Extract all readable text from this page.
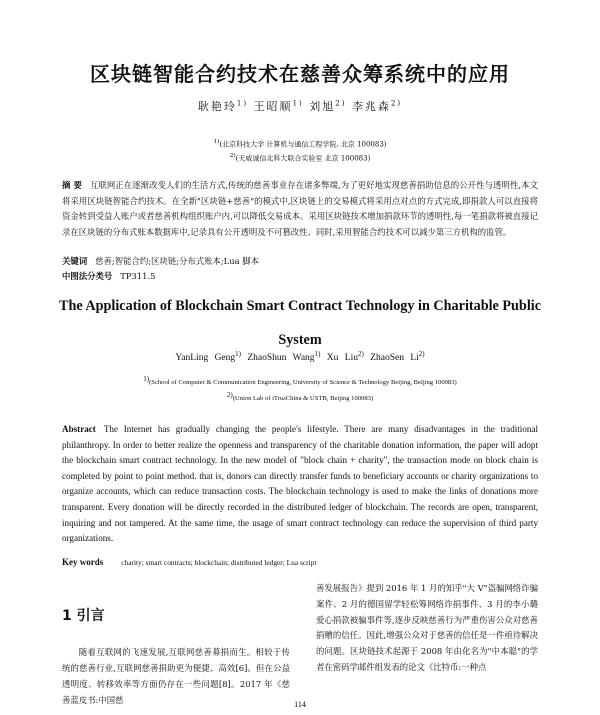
区块链智能合约技术在慈善众筹系统中的应用
耿艳玲$^{1)}$ 王昭顺$^{1)}$ 刘旭$^{2)}$ 李兆森$^{2)}$
$^{1)}$(北京科技大学 计算机与通信工程学院, 北京 100083)
$^{2)}$(天威诚信北科大联合实验室 北京 100083)
摘 要 互联网正在逐渐改变人们的生活方式,传统的慈善事业存在诸多弊端,为了更好地实现慈善捐助信息的公开性与透明性,本文将采用区块链智能合约技术。在全新"区块链+慈善"的模式中,区块链上的交易模式将采用点对点的方式完成,即捐款人可以直接将资金转到受益人账户或者慈善机构组织账户内,可以降低交易成本。采用区块链技术增加捐款环节的透明性,每一笔捐款将被直接记录在区块链的分布式账本数据库中,记录具有公开透明及不可篡改性、同时,采用智能合约技术可以减少第三方机构的监管。
关键词 慈善;智能合约;区块链;分布式账本;Lua 脚本
中图法分类号 TP311.5
The Application of Blockchain Smart Contract Technology in Charitable Public System
YanLing Geng$^{1)}$ ZhaoShun Wang$^{1)}$ Xu Liu$^{2)}$ ZhaoSen Li$^{2)}$
$^{1)}$(School of Computer & Communication Engineering, University of Science & Technology Beijing, Beijing 100083)
$^{2)}$(Union Lab of iTrusChina & USTB, Beijing 100083)
Abstract The Internet has gradually changing the people's lifestyle. There are many disadvantages in the traditional philanthropy. In order to better realize the openness and transparency of the charitable donation information, the paper will adopt the blockchain smart contract technology. In the new model of "block chain + charity", the transaction mode on block chain is completed by point to point method. that is, donors can directly transfer funds to beneficiary accounts or charity organizations to organize accounts, which can reduce transaction costs. The blockchain technology is used to make the links of donations more transparent. Every donation will be directly recorded in the distributed ledger of blockchain. The records are open, transparent, inquiring and not tampered. At the same time, the usage of smart contract technology can reduce the supervision of third party organizations.
Key words charity; smart contracts; blockchain; distributed ledger; Lua script
1 引言
随着互联网的飞速发展,互联网慈善募捐而生。相较于传统的慈善行业,互联网慈善捐助更为便捷、高效[6]。但在公益透明度、转移效率等方面仍存在一些问题[8]。2017 年《慈善蓝皮书:中国慈
善发展报告》提到 2016 年 1 月的知乎"大 V"盗骗网络诈骗案件、2 月的德国留学轻松筹网络诈捐事件、3 月的李小璐爱心捐款被骗事件等,逐步反映慈善行为严重伤害公众对慈善捐赠的信任。因此,增强公众对于慈善的信任是一件亟待解决的问题。区块链技术起源于 2008 年由化名为"中本聪"的学者在密码学邮件组发表的论文《比特币:一种点
114
